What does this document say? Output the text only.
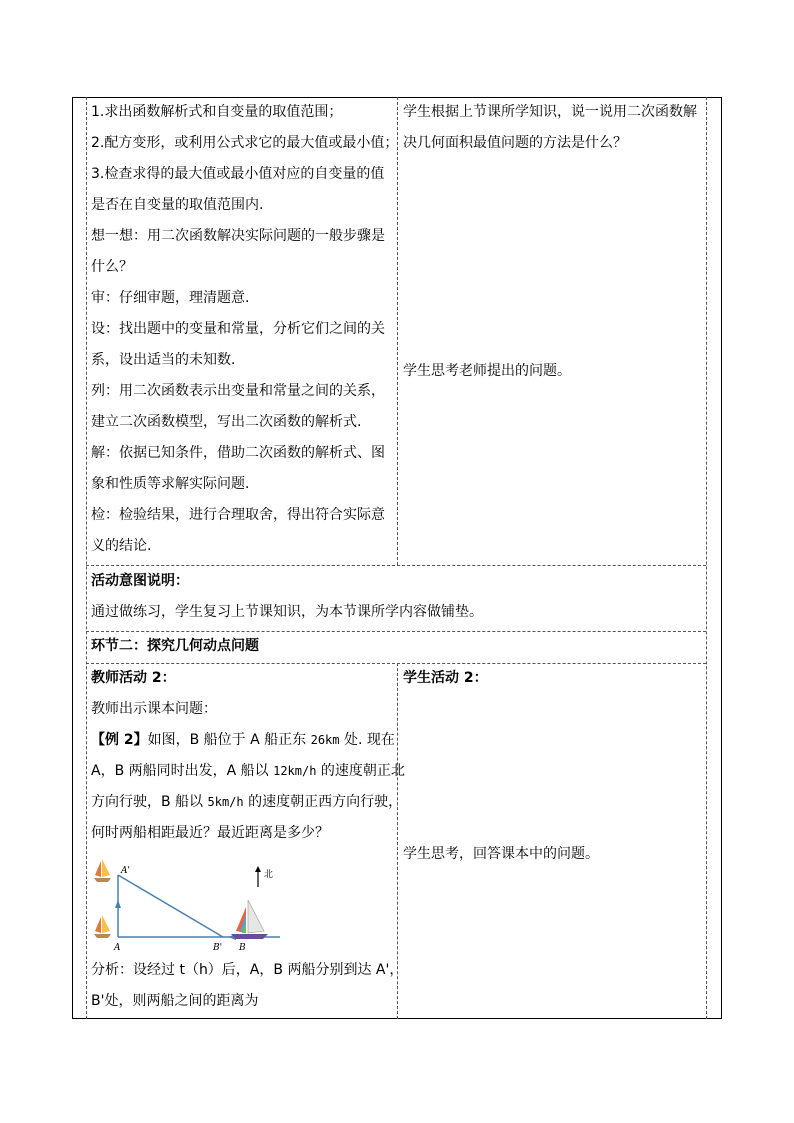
1.求出函数解析式和自变量的取值范围；

2.配方变形，或利用公式求它的最大值或最小值；

3.检查求得的最大值或最小值对应的自变量的值

是否在自变量的取值范围内.

想一想：用二次函数解决实际问题的一般步骤是

什么？

审：仔细审题，理清题意.

设：找出题中的变量和常量，分析它们之间的关

系，设出适当的未知数.

列：用二次函数表示出变量和常量之间的关系，

建立二次函数模型，写出二次函数的解析式.

解：依据已知条件，借助二次函数的解析式、图

象和性质等求解实际问题.

检：检验结果，进行合理取舍，得出符合实际意

义的结论.

学生根据上节课所学知识，说一说用二次函数解

决几何面积最值问题的方法是什么？

学生思考老师提出的问题。

活动意图说明：

通过做练习，学生复习上节课知识，为本节课所学内容做铺垫。

环节二：探究几何动点问题

教师活动 2：

教师出示课本问题：

【例 2】如图，B 船位于 A 船正东 26km 处. 现在

A，B 两船同时出发，A 船以 12km/h 的速度朝正北

方向行驶，B 船以 5km/h 的速度朝正西方向行驶，

何时两船相距最近？最近距离是多少？

北
A'
A	B' B

分析：设经过 t（h）后，A，B 两船分别到达 A'，

B'处，则两船之间的距离为

学生活动 2：

学生思考，回答课本中的问题。
